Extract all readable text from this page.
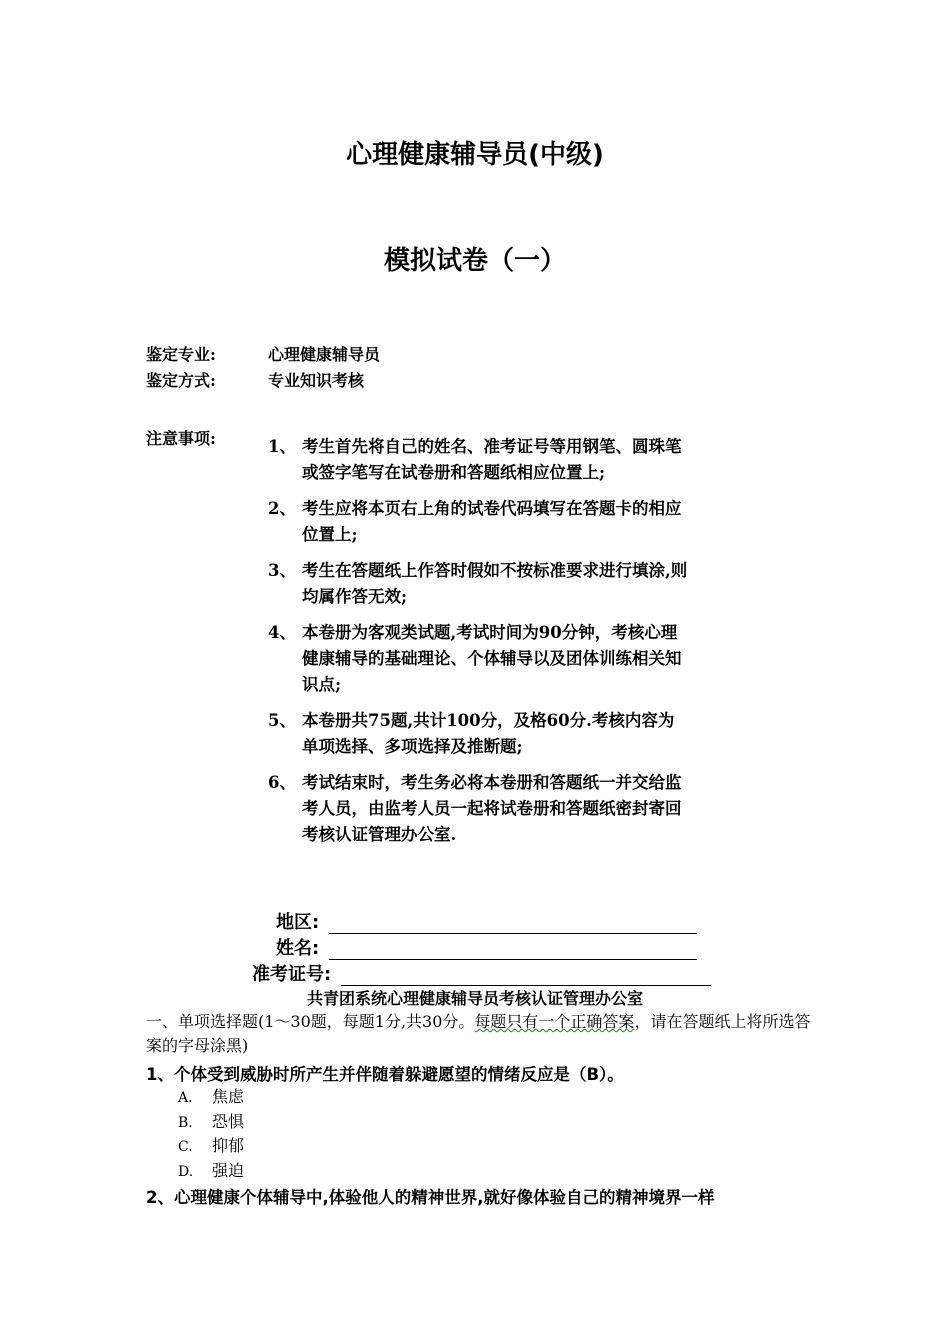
心理健康辅导员(中级)
模拟试卷（一）
鉴定专业:	心理健康辅导员
鉴定方式:	专业知识考核
注意事项:	1、 考生首先将自己的姓名、准考证号等用钢笔、圆珠笔或签字笔写在试卷册和答题纸相应位置上;
2、 考生应将本页右上角的试卷代码填写在答题卡的相应位置上;
3、 考生在答题纸上作答时假如不按标准要求进行填涂,则均属作答无效;
4、 本卷册为客观类试题,考试时间为90分钟，考核心理健康辅导的基础理论、个体辅导以及团体训练相关知识点;
5、 本卷册共75题,共计100分，及格60分.考核内容为单项选择、多项选择及推断题;
6、 考试结束时，考生务必将本卷册和答题纸一并交给监考人员，由监考人员一起将试卷册和答题纸密封寄回考核认证管理办公室.
地区:
姓名:
准考证号:
共青团系统心理健康辅导员考核认证管理办公室
一、单项选择题(1～30题，每题1分,共30分。每题只有一个正确答案，请在答题纸上将所选答案的字母涂黑)
1、个体受到威胁时所产生并伴随着躲避愿望的情绪反应是（B）。
A. 焦虑
B. 恐惧
C. 抑郁
D. 强迫
2、心理健康个体辅导中,体验他人的精神世界,就好像体验自己的精神境界一样
